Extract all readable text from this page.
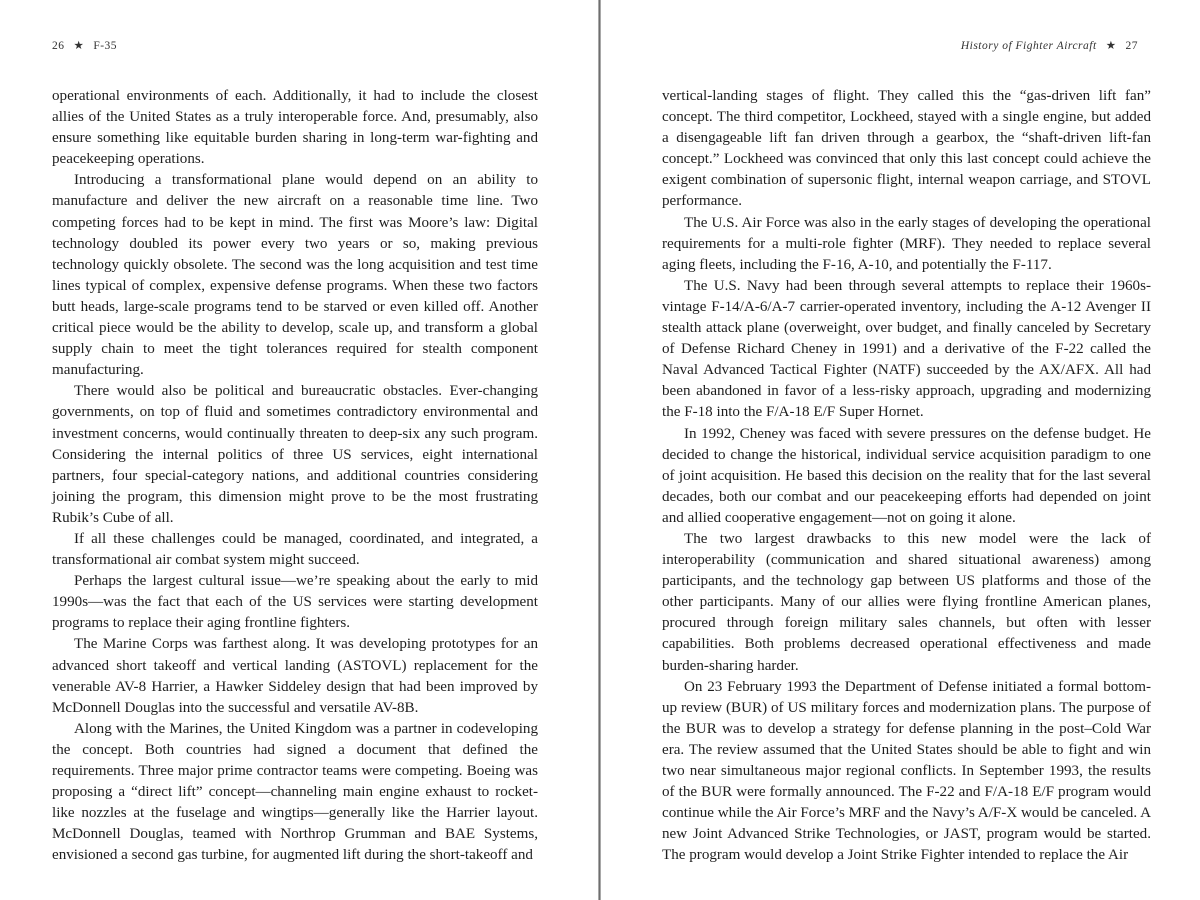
26 ★ F-35

operational environments of each. Additionally, it had to include the closest allies of the United States as a truly interoperable force. And, presumably, also ensure something like equitable burden sharing in long-term war-fighting and peacekeeping operations.

Introducing a transformational plane would depend on an ability to manufacture and deliver the new aircraft on a reasonable time line. Two competing forces had to be kept in mind. The first was Moore’s law: Digital technology doubled its power every two years or so, making previous technology quickly obsolete. The second was the long acquisition and test time lines typical of complex, expensive defense programs. When these two factors butt heads, large-scale programs tend to be starved or even killed off. Another critical piece would be the ability to develop, scale up, and transform a global supply chain to meet the tight tolerances required for stealth component manufacturing.

There would also be political and bureaucratic obstacles. Ever-changing governments, on top of fluid and sometimes contradictory environmental and investment concerns, would continually threaten to deep-six any such program. Considering the internal politics of three US services, eight international partners, four special-category nations, and additional countries considering joining the program, this dimension might prove to be the most frustrating Rubik’s Cube of all.

If all these challenges could be managed, coordinated, and integrated, a transformational air combat system might succeed.

Perhaps the largest cultural issue—we’re speaking about the early to mid 1990s—was the fact that each of the US services were starting development programs to replace their aging frontline fighters.

The Marine Corps was farthest along. It was developing prototypes for an advanced short takeoff and vertical landing (ASTOVL) replacement for the venerable AV-8 Harrier, a Hawker Siddeley design that had been improved by McDonnell Douglas into the successful and versatile AV-8B.

Along with the Marines, the United Kingdom was a partner in codeveloping the concept. Both countries had signed a document that defined the requirements. Three major prime contractor teams were competing. Boeing was proposing a “direct lift” concept—channeling main engine exhaust to rocket-like nozzles at the fuselage and wingtips—generally like the Harrier layout. McDonnell Douglas, teamed with Northrop Grumman and BAE Systems, envisioned a second gas turbine, for augmented lift during the short-takeoff and

History of Fighter Aircraft ★ 27

vertical-landing stages of flight. They called this the “gas-driven lift fan” concept. The third competitor, Lockheed, stayed with a single engine, but added a disengageable lift fan driven through a gearbox, the “shaft-driven lift-fan concept.” Lockheed was convinced that only this last concept could achieve the exigent combination of supersonic flight, internal weapon carriage, and STOVL performance.

The U.S. Air Force was also in the early stages of developing the operational requirements for a multi-role fighter (MRF). They needed to replace several aging fleets, including the F-16, A-10, and potentially the F-117.

The U.S. Navy had been through several attempts to replace their 1960s-vintage F-14/A-6/A-7 carrier-operated inventory, including the A-12 Avenger II stealth attack plane (overweight, over budget, and finally canceled by Secretary of Defense Richard Cheney in 1991) and a derivative of the F-22 called the Naval Advanced Tactical Fighter (NATF) succeeded by the AX/AFX. All had been abandoned in favor of a less-risky approach, upgrading and modernizing the F-18 into the F/A-18 E/F Super Hornet.

In 1992, Cheney was faced with severe pressures on the defense budget. He decided to change the historical, individual service acquisition paradigm to one of joint acquisition. He based this decision on the reality that for the last several decades, both our combat and our peacekeeping efforts had depended on joint and allied cooperative engagement—not on going it alone.

The two largest drawbacks to this new model were the lack of interoperability (communication and shared situational awareness) among participants, and the technology gap between US platforms and those of the other participants. Many of our allies were flying frontline American planes, procured through foreign military sales channels, but often with lesser capabilities. Both problems decreased operational effectiveness and made burden-sharing harder.

On 23 February 1993 the Department of Defense initiated a formal bottom-up review (BUR) of US military forces and modernization plans. The purpose of the BUR was to develop a strategy for defense planning in the post–Cold War era. The review assumed that the United States should be able to fight and win two near simultaneous major regional conflicts. In September 1993, the results of the BUR were formally announced. The F-22 and F/A-18 E/F program would continue while the Air Force’s MRF and the Navy’s A/F-X would be canceled. A new Joint Advanced Strike Technologies, or JAST, program would be started. The program would develop a Joint Strike Fighter intended to replace the Air
